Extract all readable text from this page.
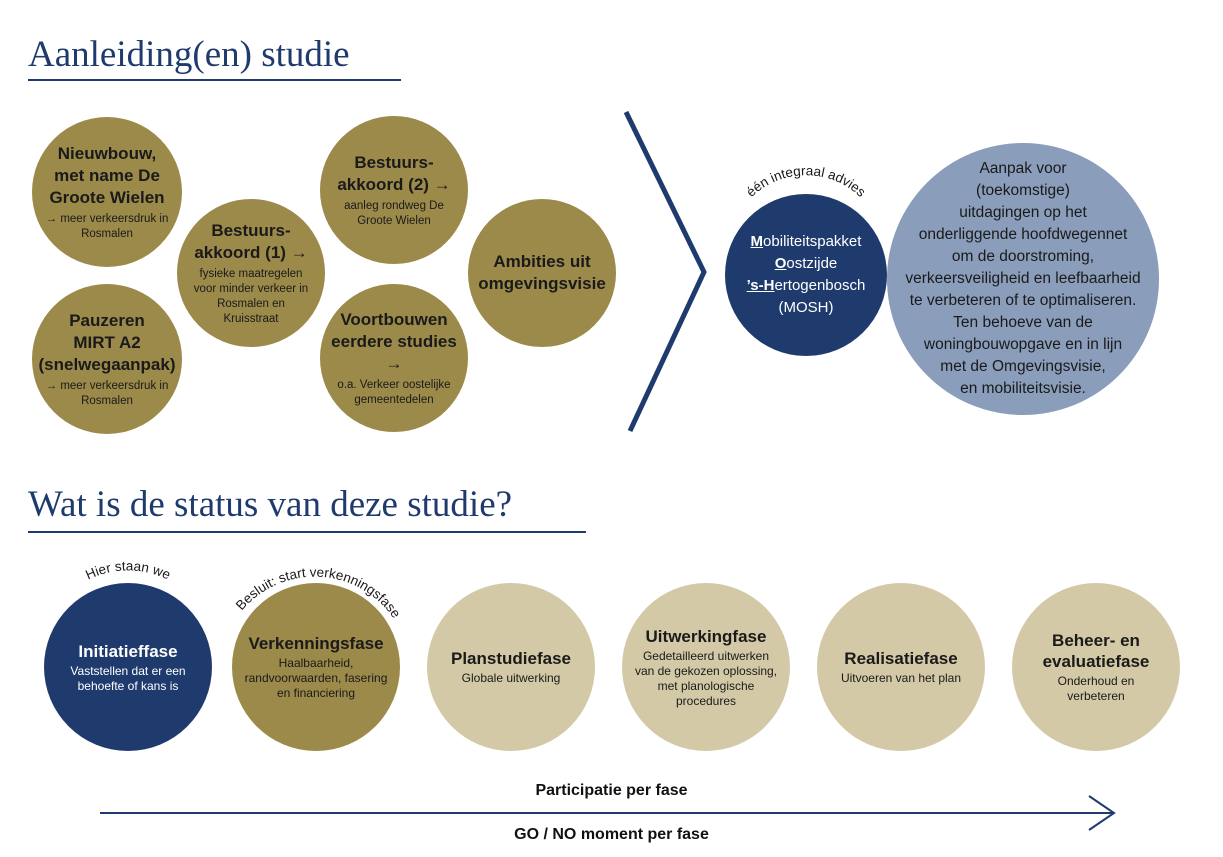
Aanleiding(en) studie
Nieuwbouw,
met name De
Groote Wielen
→ meer verkeersdruk in
Rosmalen
Pauzeren
MIRT A2
(snelwegaanpak)
→ meer verkeersdruk in
Rosmalen
Bestuurs-
akkoord (1) →
fysieke maatregelen
voor minder verkeer in
Rosmalen en
Kruisstraat
Bestuurs-
akkoord (2) →
aanleg rondweg De
Groote Wielen
Voortbouwen
eerdere studies
→
o.a. Verkeer oostelijke
gemeentedelen
Ambities uit
omgevingsvisie
Aanpak voor
(toekomstige)
uitdagingen op het
onderliggende hoofdwegennet
om de doorstroming,
verkeersveiligheid en leefbaarheid
te verbeteren of te optimaliseren.
Ten behoeve van de
woningbouwopgave en in lijn
met de Omgevingsvisie,
en mobiliteitsvisie.
Mobiliteitspakket
Oostzijde
’s-Hertogenbosch
(MOSH)
Wat is de status van deze studie?
Initiatieffase
Vaststellen dat er een
behoefte of kans is
Verkenningsfase
Haalbaarheid,
randvoorwaarden, fasering
en financiering
Planstudiefase
Globale uitwerking
Uitwerkingfase
Gedetailleerd uitwerken
van de gekozen oplossing,
met planologische
procedures
Realisatiefase
Uitvoeren van het plan
Beheer- en
evaluatiefase
Onderhoud en
verbeteren
één integraal advies
Hier staan we
Besluit: start verkenningsfase
Participatie per fase
GO / NO moment per fase
